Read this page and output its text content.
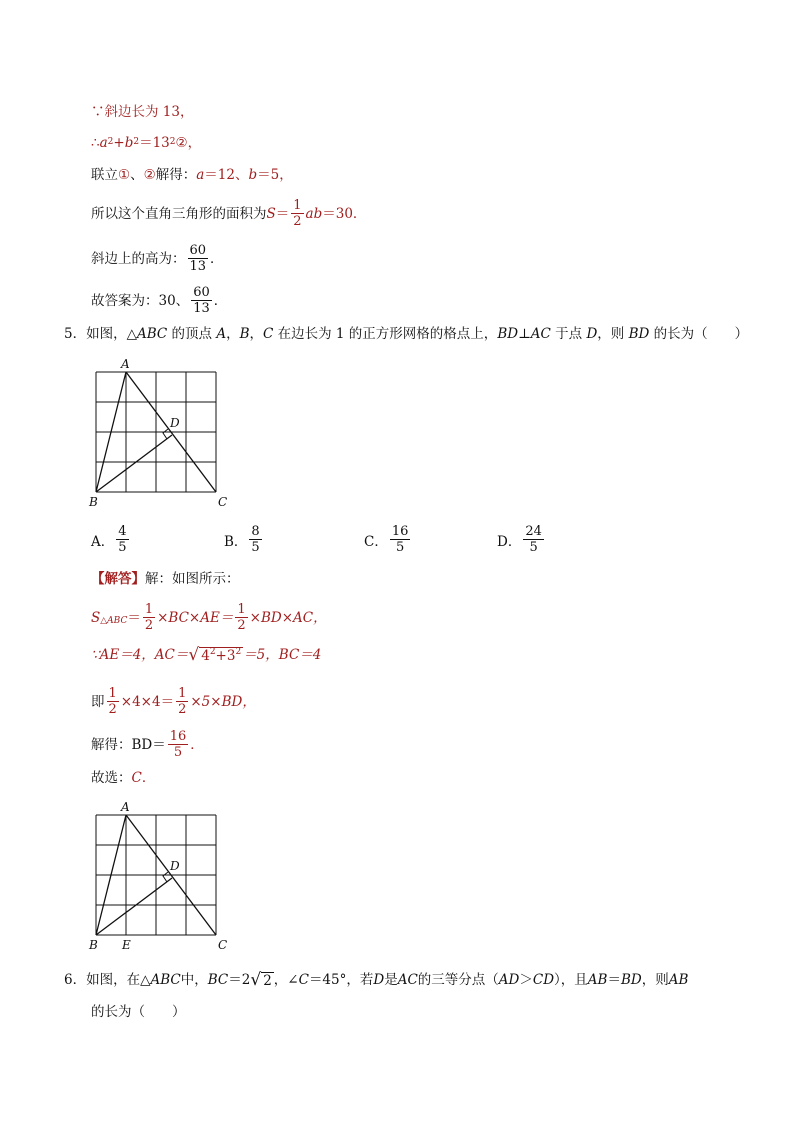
∵斜边长为 13，
∴ $a^2 + b^2 =13^2$ ② ，
联立 ① 、 ② 解得： a ＝12、 b ＝5，
所以这个直角三角形的面积为 $S = \frac{1}{2}$ ab ＝30．
斜边上的高为： $\frac{60}{13}$ ．
故答案为：30、 $\frac{60}{13}$ ．
5．如图，△ABC 的顶点 A，B，C 在边长为 1 的正方形网格的格点上，BD⊥AC 于点 D，则 BD 的长为（　　）
A
B	C
D
A． $\frac{4}{5}$	B． $\frac{8}{5}$	C． $\frac{16}{5}$	D． $\frac{24}{5}$
【解答】 解：如图所示：
$S_{\triangle ABC} = \frac{1}{2} \times BC\times AE= \frac{1}{2} \times BD\times AC$，
∵AE＝4，AC＝ √ $4^2+3^2 =5$，BC＝4
即 $\frac{1}{2} \times 4\times 4= \frac{1}{2} \times 5\times BD$，
解得：$BD= \frac{16}{5}$ ．
故选： C ．
A
B E	C
D
6． 如图，在△ ABC 中， BC ＝2 √ 2 ，∠ C ＝45°，若 D 是 AC 的三等分点（ AD ＞ CD ），且 AB ＝ BD ，则 AB
的长为（　　）
